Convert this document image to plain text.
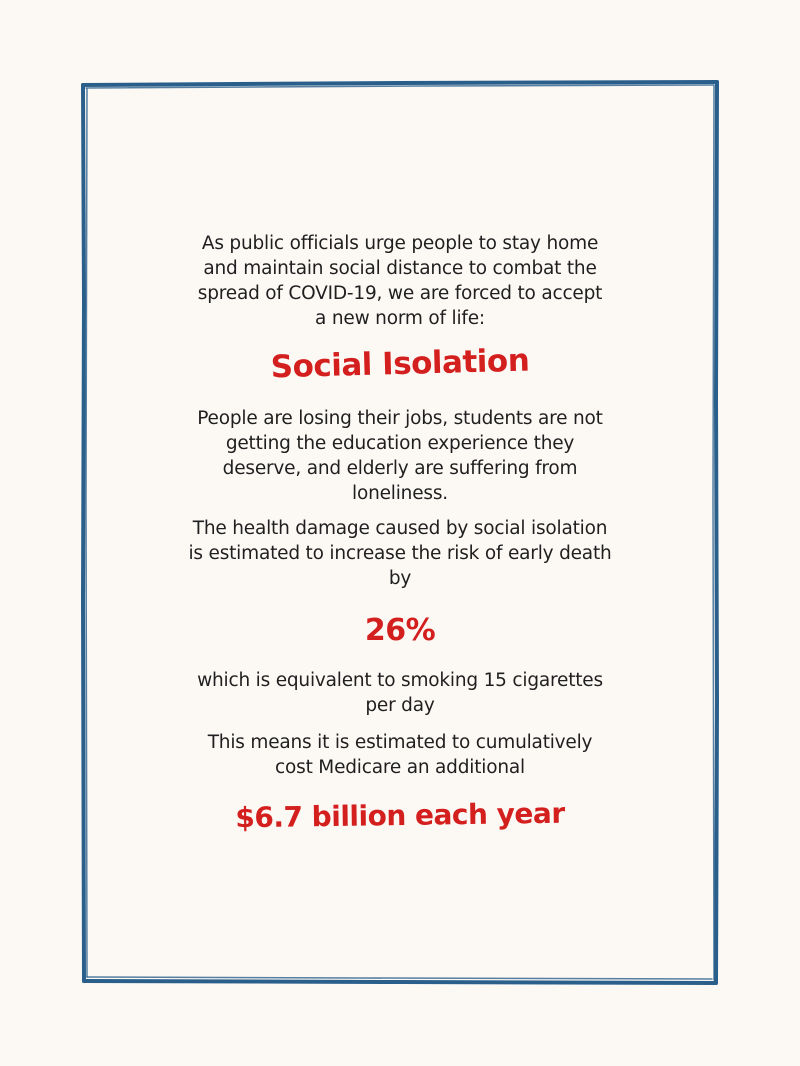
As public officials urge people to stay home
and maintain social distance to combat the
spread of COVID-19, we are forced to accept
a new norm of life:
Social Isolation
People are losing their jobs, students are not
getting the education experience they
deserve, and elderly are suffering from
loneliness.
The health damage caused by social isolation
is estimated to increase the risk of early death
by
26%
which is equivalent to smoking 15 cigarettes
per day
This means it is estimated to cumulatively
cost Medicare an additional
$6.7 billion each year
